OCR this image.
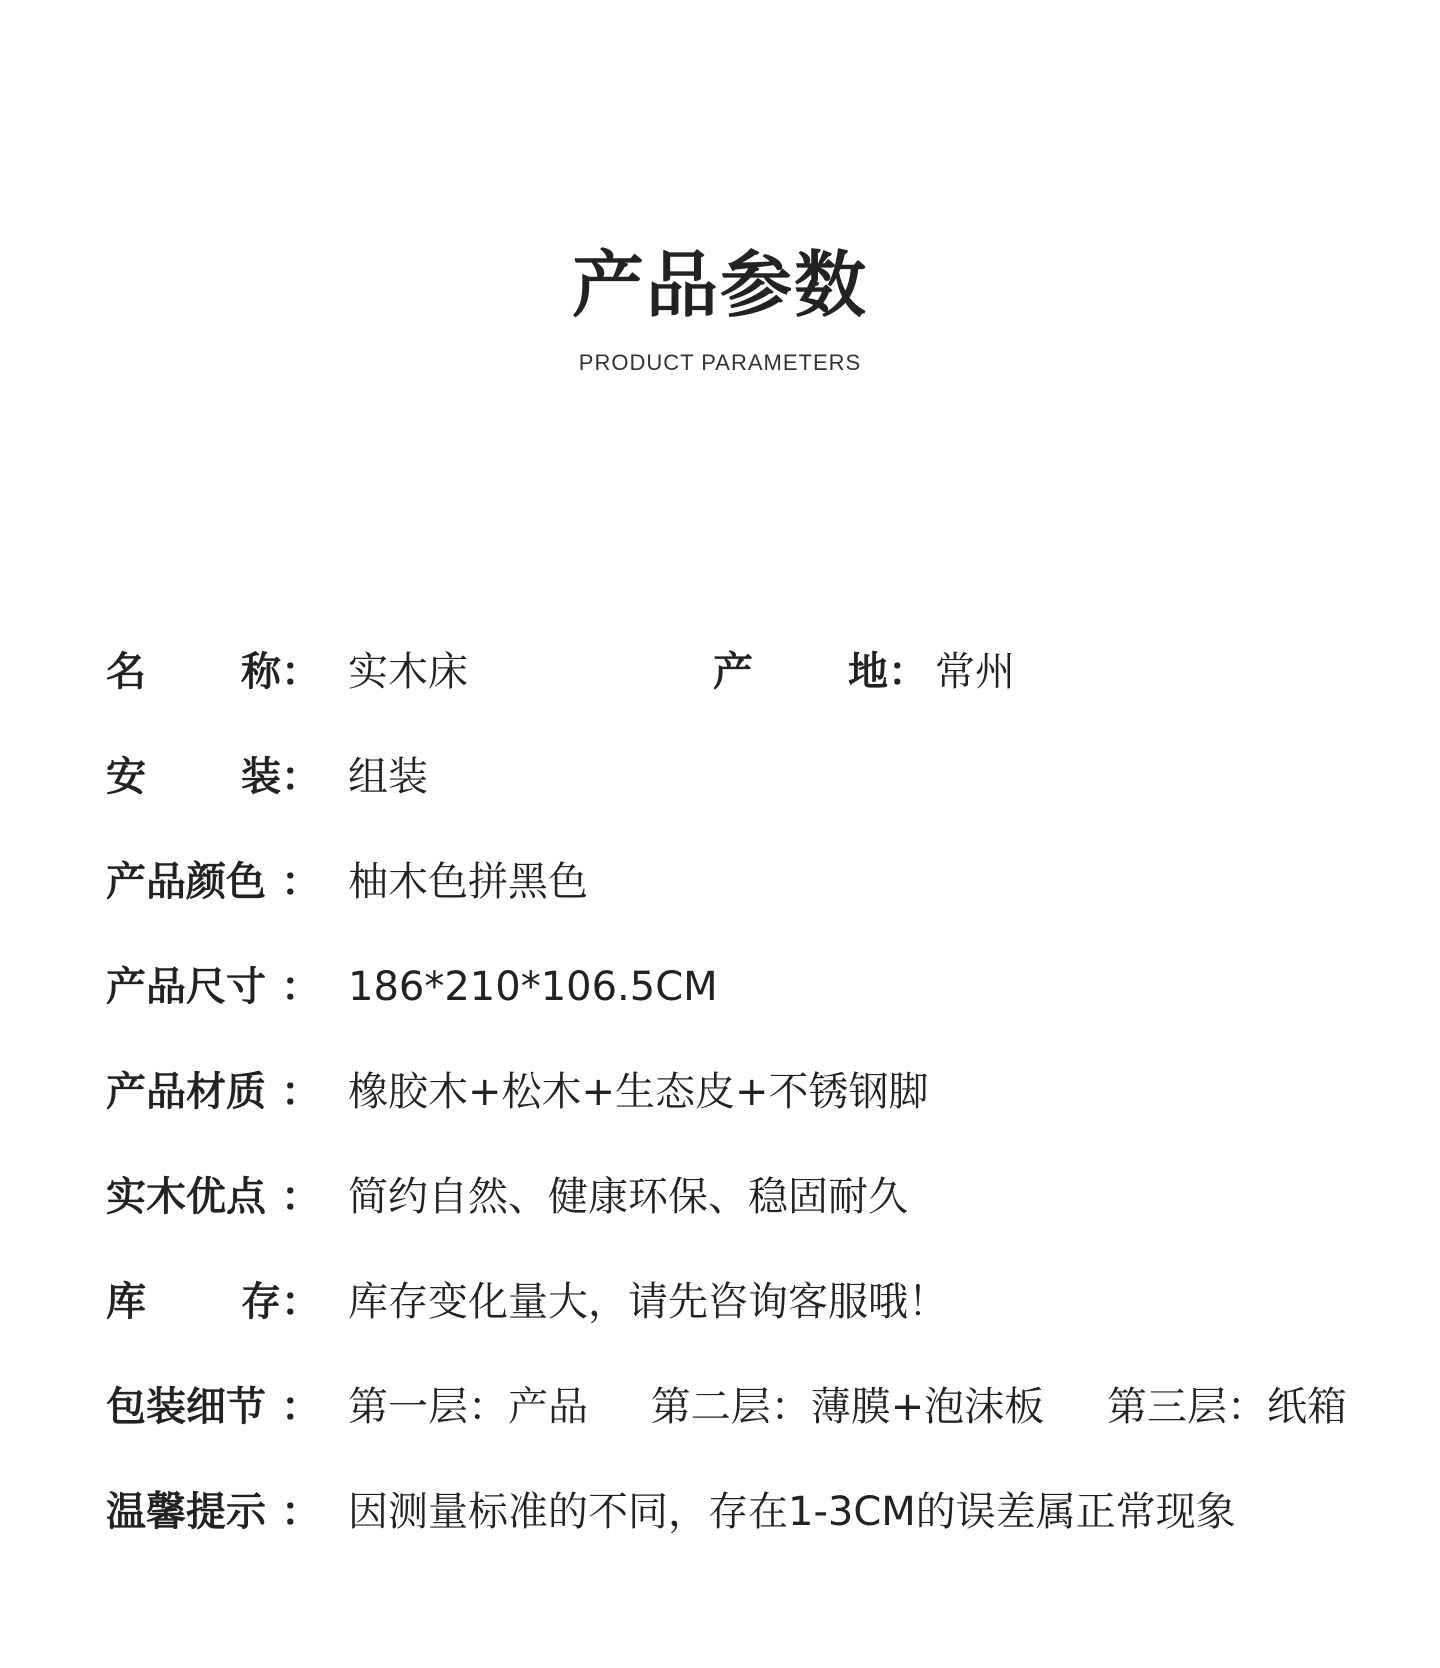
产品参数
PRODUCT PARAMETERS
名 称 ： 实木床	产 地 ： 常州
安 装 ： 组装
产品颜色 ： 柚木色拼黑色
产品尺寸 ： 186*210*106.5CM
产品材质 ： 橡胶木+松木+生态皮+不锈钢脚
实木优点 ： 简约自然、健康环保、稳固耐久
库 存 ： 库存变化量大，请先咨询客服哦！
包装细节 ： 第一层：产品 第二层：薄膜+泡沫板 第三层：纸箱
温馨提示 ： 因测量标准的不同，存在1-3CM的误差属正常现象
